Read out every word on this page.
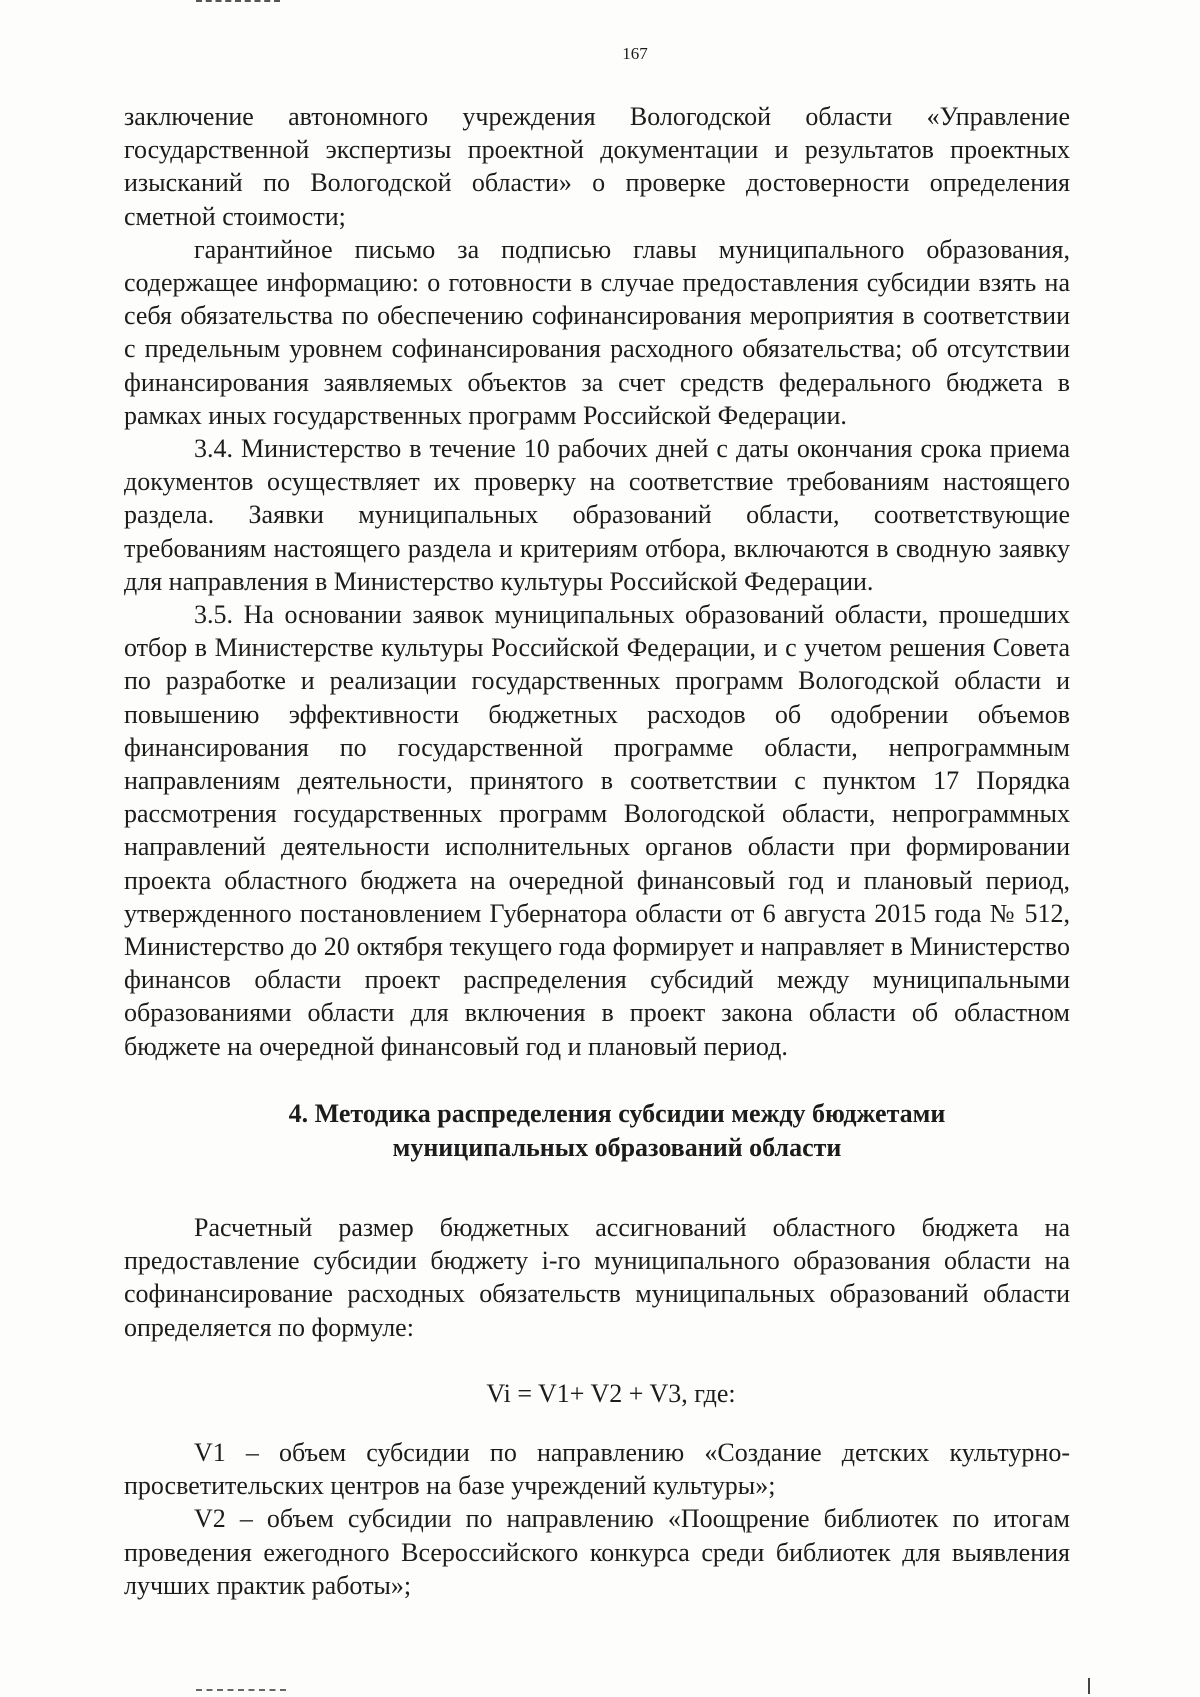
167

заключение автономного учреждения Вологодской области «Управление государственной экспертизы проектной документации и результатов проектных изысканий по Вологодской области» о проверке достоверности определения сметной стоимости;

гарантийное письмо за подписью главы муниципального образования, содержащее информацию: о готовности в случае предоставления субсидии взять на себя обязательства по обеспечению софинансирования мероприятия в соответствии с предельным уровнем софинансирования расходного обязательства; об отсутствии финансирования заявляемых объектов за счет средств федерального бюджета в рамках иных государственных программ Российской Федерации.

3.4. Министерство в течение 10 рабочих дней с даты окончания срока приема документов осуществляет их проверку на соответствие требованиям настоящего раздела. Заявки муниципальных образований области, соответствующие требованиям настоящего раздела и критериям отбора, включаются в сводную заявку для направления в Министерство культуры Российской Федерации.

3.5. На основании заявок муниципальных образований области, прошедших отбор в Министерстве культуры Российской Федерации, и с учетом решения Совета по разработке и реализации государственных программ Вологодской области и повышению эффективности бюджетных расходов об одобрении объемов финансирования по государственной программе области, непрограммным направлениям деятельности, принятого в соответствии с пунктом 17 Порядка рассмотрения государственных программ Вологодской области, непрограммных направлений деятельности исполнительных органов области при формировании проекта областного бюджета на очередной финансовый год и плановый период, утвержденного постановлением Губернатора области от 6 августа 2015 года № 512, Министерство до 20 октября текущего года формирует и направляет в Министерство финансов области проект распределения субсидий между муниципальными образованиями области для включения в проект закона области об областном бюджете на очередной финансовый год и плановый период.

4. Методика распределения субсидии между бюджетами
муниципальных образований области

Расчетный размер бюджетных ассигнований областного бюджета на предоставление субсидии бюджету i-го муниципального образования области на софинансирование расходных обязательств муниципальных образований области определяется по формуле:

Vi = V1+ V2 + V3, где:

V1 – объем субсидии по направлению «Создание детских культурно-просветительских центров на базе учреждений культуры»;

V2 – объем субсидии по направлению «Поощрение библиотек по итогам проведения ежегодного Всероссийского конкурса среди библиотек для выявления лучших практик работы»;
